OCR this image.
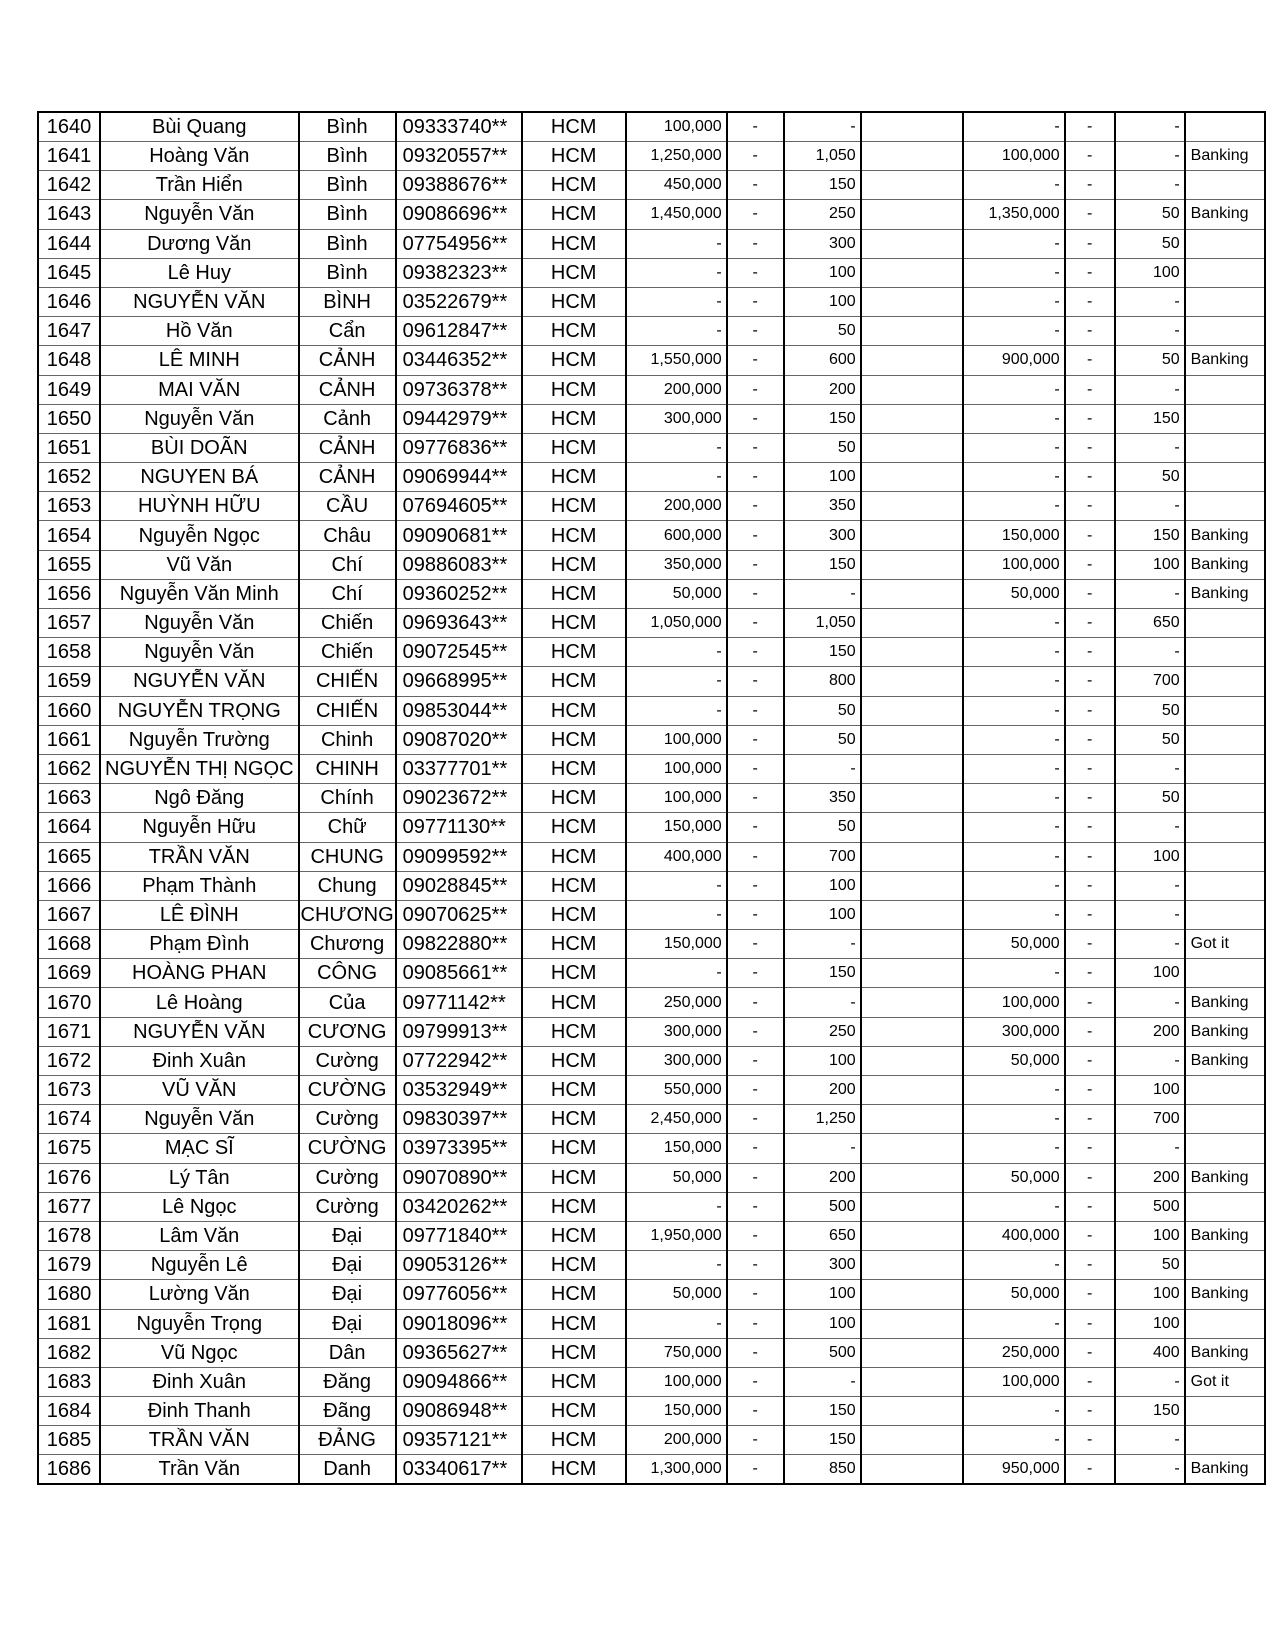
1640	Bùi Quang	Bình	09333740**	HCM	100,000	-	-		-	-	-	
1641	Hoàng Văn	Bình	09320557**	HCM	1,250,000	-	1,050		100,000	-	-	Banking
1642	Trần Hiển	Bình	09388676**	HCM	450,000	-	150		-	-	-	
1643	Nguyễn Văn	Bình	09086696**	HCM	1,450,000	-	250		1,350,000	-	50	Banking
1644	Dương Văn	Bình	07754956**	HCM	-	-	300		-	-	50	
1645	Lê Huy	Bình	09382323**	HCM	-	-	100		-	-	100	
1646	NGUYỄN VĂN	BÌNH	03522679**	HCM	-	-	100		-	-	-	
1647	Hồ Văn	Cẩn	09612847**	HCM	-	-	50		-	-	-	
1648	LÊ MINH	CẢNH	03446352**	HCM	1,550,000	-	600		900,000	-	50	Banking
1649	MAI VĂN	CẢNH	09736378**	HCM	200,000	-	200		-	-	-	
1650	Nguyễn Văn	Cảnh	09442979**	HCM	300,000	-	150		-	-	150	
1651	BÙI DOÃN	CẢNH	09776836**	HCM	-	-	50		-	-	-	
1652	NGUYEN BÁ	CẢNH	09069944**	HCM	-	-	100		-	-	50	
1653	HUỲNH HỮU	CẦU	07694605**	HCM	200,000	-	350		-	-	-	
1654	Nguyễn Ngọc	Châu	09090681**	HCM	600,000	-	300		150,000	-	150	Banking
1655	Vũ Văn	Chí	09886083**	HCM	350,000	-	150		100,000	-	100	Banking
1656	Nguyễn Văn Minh	Chí	09360252**	HCM	50,000	-	-		50,000	-	-	Banking
1657	Nguyễn Văn	Chiến	09693643**	HCM	1,050,000	-	1,050		-	-	650	
1658	Nguyễn Văn	Chiến	09072545**	HCM	-	-	150		-	-	-	
1659	NGUYỄN VĂN	CHIẾN	09668995**	HCM	-	-	800		-	-	700	
1660	NGUYỄN TRỌNG	CHIẾN	09853044**	HCM	-	-	50		-	-	50	
1661	Nguyễn Trường	Chinh	09087020**	HCM	100,000	-	50		-	-	50	
1662	NGUYỄN THỊ NGỌC	CHINH	03377701**	HCM	100,000	-	-		-	-	-	
1663	Ngô Đăng	Chính	09023672**	HCM	100,000	-	350		-	-	50	
1664	Nguyễn Hữu	Chữ	09771130**	HCM	150,000	-	50		-	-	-	
1665	TRẦN VĂN	CHUNG	09099592**	HCM	400,000	-	700		-	-	100	
1666	Phạm Thành	Chung	09028845**	HCM	-	-	100		-	-	-	
1667	LÊ ĐÌNH	CHƯƠNG	09070625**	HCM	-	-	100		-	-	-	
1668	Phạm Đình	Chương	09822880**	HCM	150,000	-	-		50,000	-	-	Got it
1669	HOÀNG PHAN	CÔNG	09085661**	HCM	-	-	150		-	-	100	
1670	Lê Hoàng	Của	09771142**	HCM	250,000	-	-		100,000	-	-	Banking
1671	NGUYỄN VĂN	CƯƠNG	09799913**	HCM	300,000	-	250		300,000	-	200	Banking
1672	Đinh Xuân	Cường	07722942**	HCM	300,000	-	100		50,000	-	-	Banking
1673	VŨ VĂN	CƯỜNG	03532949**	HCM	550,000	-	200		-	-	100	
1674	Nguyễn Văn	Cường	09830397**	HCM	2,450,000	-	1,250		-	-	700	
1675	MẠC SĨ	CƯỜNG	03973395**	HCM	150,000	-	-		-	-	-	
1676	Lý Tân	Cường	09070890**	HCM	50,000	-	200		50,000	-	200	Banking
1677	Lê Ngọc	Cường	03420262**	HCM	-	-	500		-	-	500	
1678	Lâm Văn	Đại	09771840**	HCM	1,950,000	-	650		400,000	-	100	Banking
1679	Nguyễn Lê	Đại	09053126**	HCM	-	-	300		-	-	50	
1680	Lường Văn	Đại	09776056**	HCM	50,000	-	100		50,000	-	100	Banking
1681	Nguyễn Trọng	Đại	09018096**	HCM	-	-	100		-	-	100	
1682	Vũ Ngọc	Dân	09365627**	HCM	750,000	-	500		250,000	-	400	Banking
1683	Đinh Xuân	Đăng	09094866**	HCM	100,000	-	-		100,000	-	-	Got it
1684	Đinh Thanh	Đãng	09086948**	HCM	150,000	-	150		-	-	150	
1685	TRẦN VĂN	ĐẢNG	09357121**	HCM	200,000	-	150		-	-	-	
1686	Trần Văn	Danh	03340617**	HCM	1,300,000	-	850		950,000	-	-	Banking
